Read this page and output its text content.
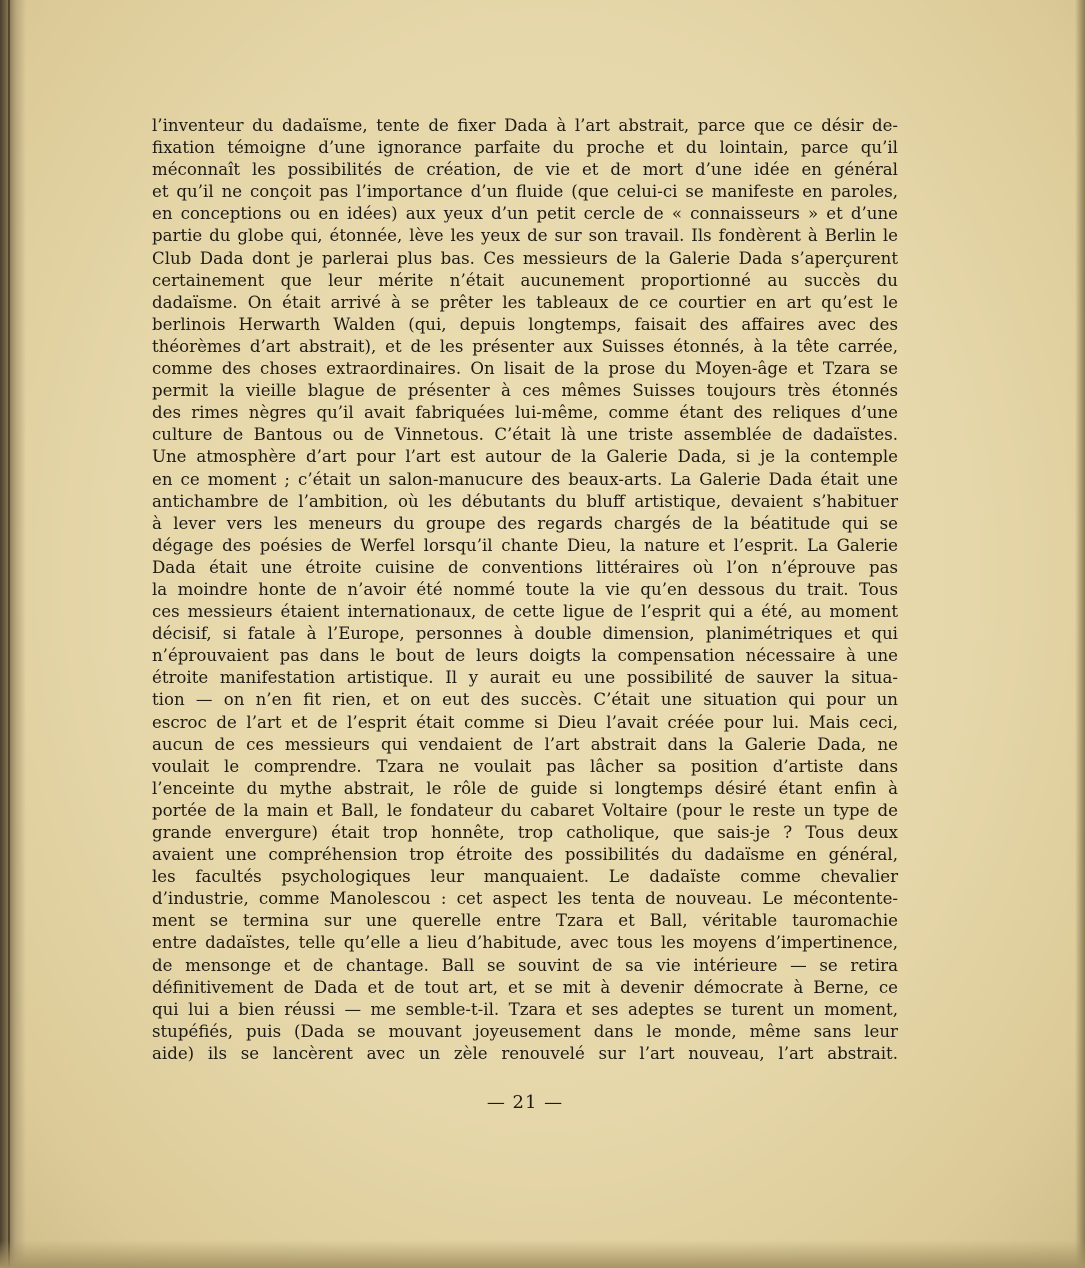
l’inventeur du dadaïsme, tente de fixer Dada à l’art abstrait, parce que ce désir de-
fixation témoigne d’une ignorance parfaite du proche et du lointain, parce qu’il
méconnaît les possibilités de création, de vie et de mort d’une idée en général
et qu’il ne conçoit pas l’importance d’un fluide (que celui-ci se manifeste en paroles,
en conceptions ou en idées) aux yeux d’un petit cercle de « connaisseurs » et d’une
partie du globe qui, étonnée, lève les yeux de sur son travail. Ils fondèrent à Berlin le
Club Dada dont je parlerai plus bas. Ces messieurs de la Galerie Dada s’aperçurent
certainement que leur mérite n’était aucunement proportionné au succès du
dadaïsme. On était arrivé à se prêter les tableaux de ce courtier en art qu’est le
berlinois Herwarth Walden (qui, depuis longtemps, faisait des affaires avec des
théorèmes d’art abstrait), et de les présenter aux Suisses étonnés, à la tête carrée,
comme des choses extraordinaires. On lisait de la prose du Moyen-âge et Tzara se
permit la vieille blague de présenter à ces mêmes Suisses toujours très étonnés
des rimes nègres qu’il avait fabriquées lui-même, comme étant des reliques d’une
culture de Bantous ou de Vinnetous. C’était là une triste assemblée de dadaïstes.
Une atmosphère d’art pour l’art est autour de la Galerie Dada, si je la contemple
en ce moment ; c’était un salon-manucure des beaux-arts. La Galerie Dada était une
antichambre de l’ambition, où les débutants du bluff artistique, devaient s’habituer
à lever vers les meneurs du groupe des regards chargés de la béatitude qui se
dégage des poésies de Werfel lorsqu’il chante Dieu, la nature et l’esprit. La Galerie
Dada était une étroite cuisine de conventions littéraires où l’on n’éprouve pas
la moindre honte de n’avoir été nommé toute la vie qu’en dessous du trait. Tous
ces messieurs étaient internationaux, de cette ligue de l’esprit qui a été, au moment
décisif, si fatale à l’Europe, personnes à double dimension, planimétriques et qui
n’éprouvaient pas dans le bout de leurs doigts la compensation nécessaire à une
étroite manifestation artistique. Il y aurait eu une possibilité de sauver la situa-
tion — on n’en fit rien, et on eut des succès. C’était une situation qui pour un
escroc de l’art et de l’esprit était comme si Dieu l’avait créée pour lui. Mais ceci,
aucun de ces messieurs qui vendaient de l’art abstrait dans la Galerie Dada, ne
voulait le comprendre. Tzara ne voulait pas lâcher sa position d’artiste dans
l’enceinte du mythe abstrait, le rôle de guide si longtemps désiré étant enfin à
portée de la main et Ball, le fondateur du cabaret Voltaire (pour le reste un type de
grande envergure) était trop honnête, trop catholique, que sais-je ? Tous deux
avaient une compréhension trop étroite des possibilités du dadaïsme en général,
les facultés psychologiques leur manquaient. Le dadaïste comme chevalier
d’industrie, comme Manolescou : cet aspect les tenta de nouveau. Le mécontente-
ment se termina sur une querelle entre Tzara et Ball, véritable tauromachie
entre dadaïstes, telle qu’elle a lieu d’habitude, avec tous les moyens d’impertinence,
de mensonge et de chantage. Ball se souvint de sa vie intérieure — se retira
définitivement de Dada et de tout art, et se mit à devenir démocrate à Berne, ce
qui lui a bien réussi — me semble-t-il. Tzara et ses adeptes se turent un moment,
stupéfiés, puis (Dada se mouvant joyeusement dans le monde, même sans leur
aide) ils se lancèrent avec un zèle renouvelé sur l’art nouveau, l’art abstrait.
— 21 —
